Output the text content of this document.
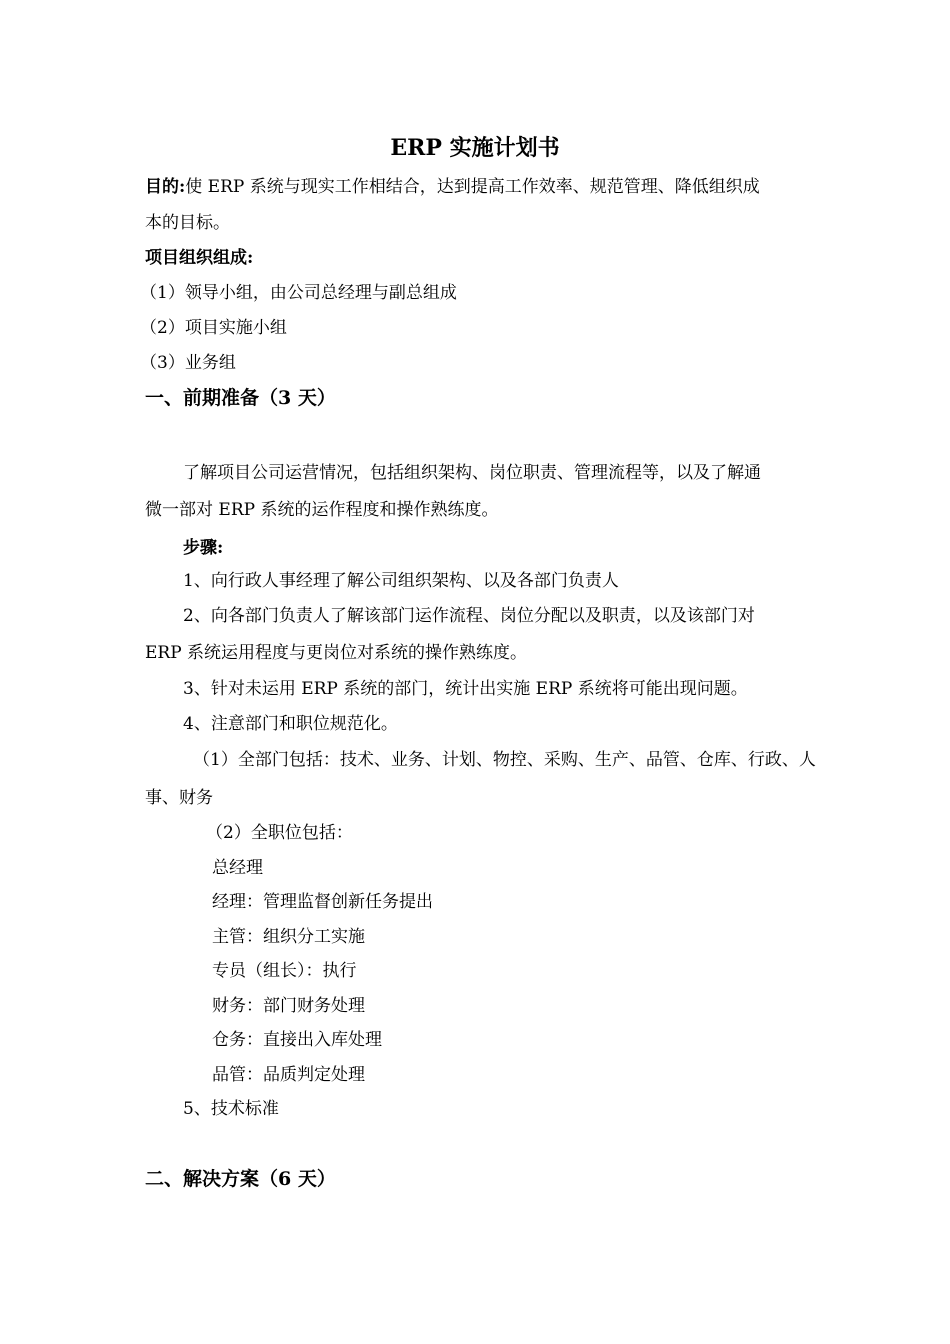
ERP 实施计划书
目的:使 ERP 系统与现实工作相结合，达到提高工作效率、规范管理、降低组织成
本的目标。
项目组织组成:
（1）领导小组，由公司总经理与副总组成
（2）项目实施小组
（3）业务组
一、前期准备（3 天）
了解项目公司运营情况，包括组织架构、岗位职责、管理流程等，以及了解通
微一部对 ERP 系统的运作程度和操作熟练度。
步骤:
1、向行政人事经理了解公司组织架构、以及各部门负责人
2、向各部门负责人了解该部门运作流程、岗位分配以及职责，以及该部门对
ERP 系统运用程度与更岗位对系统的操作熟练度。
3、针对未运用 ERP 系统的部门，统计出实施 ERP 系统将可能出现问题。
4、注意部门和职位规范化。
（1）全部门包括：技术、业务、计划、物控、采购、生产、品管、仓库、行政、人
事、财务
（2）全职位包括：
总经理
经理：管理监督创新任务提出
主管：组织分工实施
专员（组长）：执行
财务：部门财务处理
仓务：直接出入库处理
品管：品质判定处理
5、技术标准
二、解决方案（6 天）
